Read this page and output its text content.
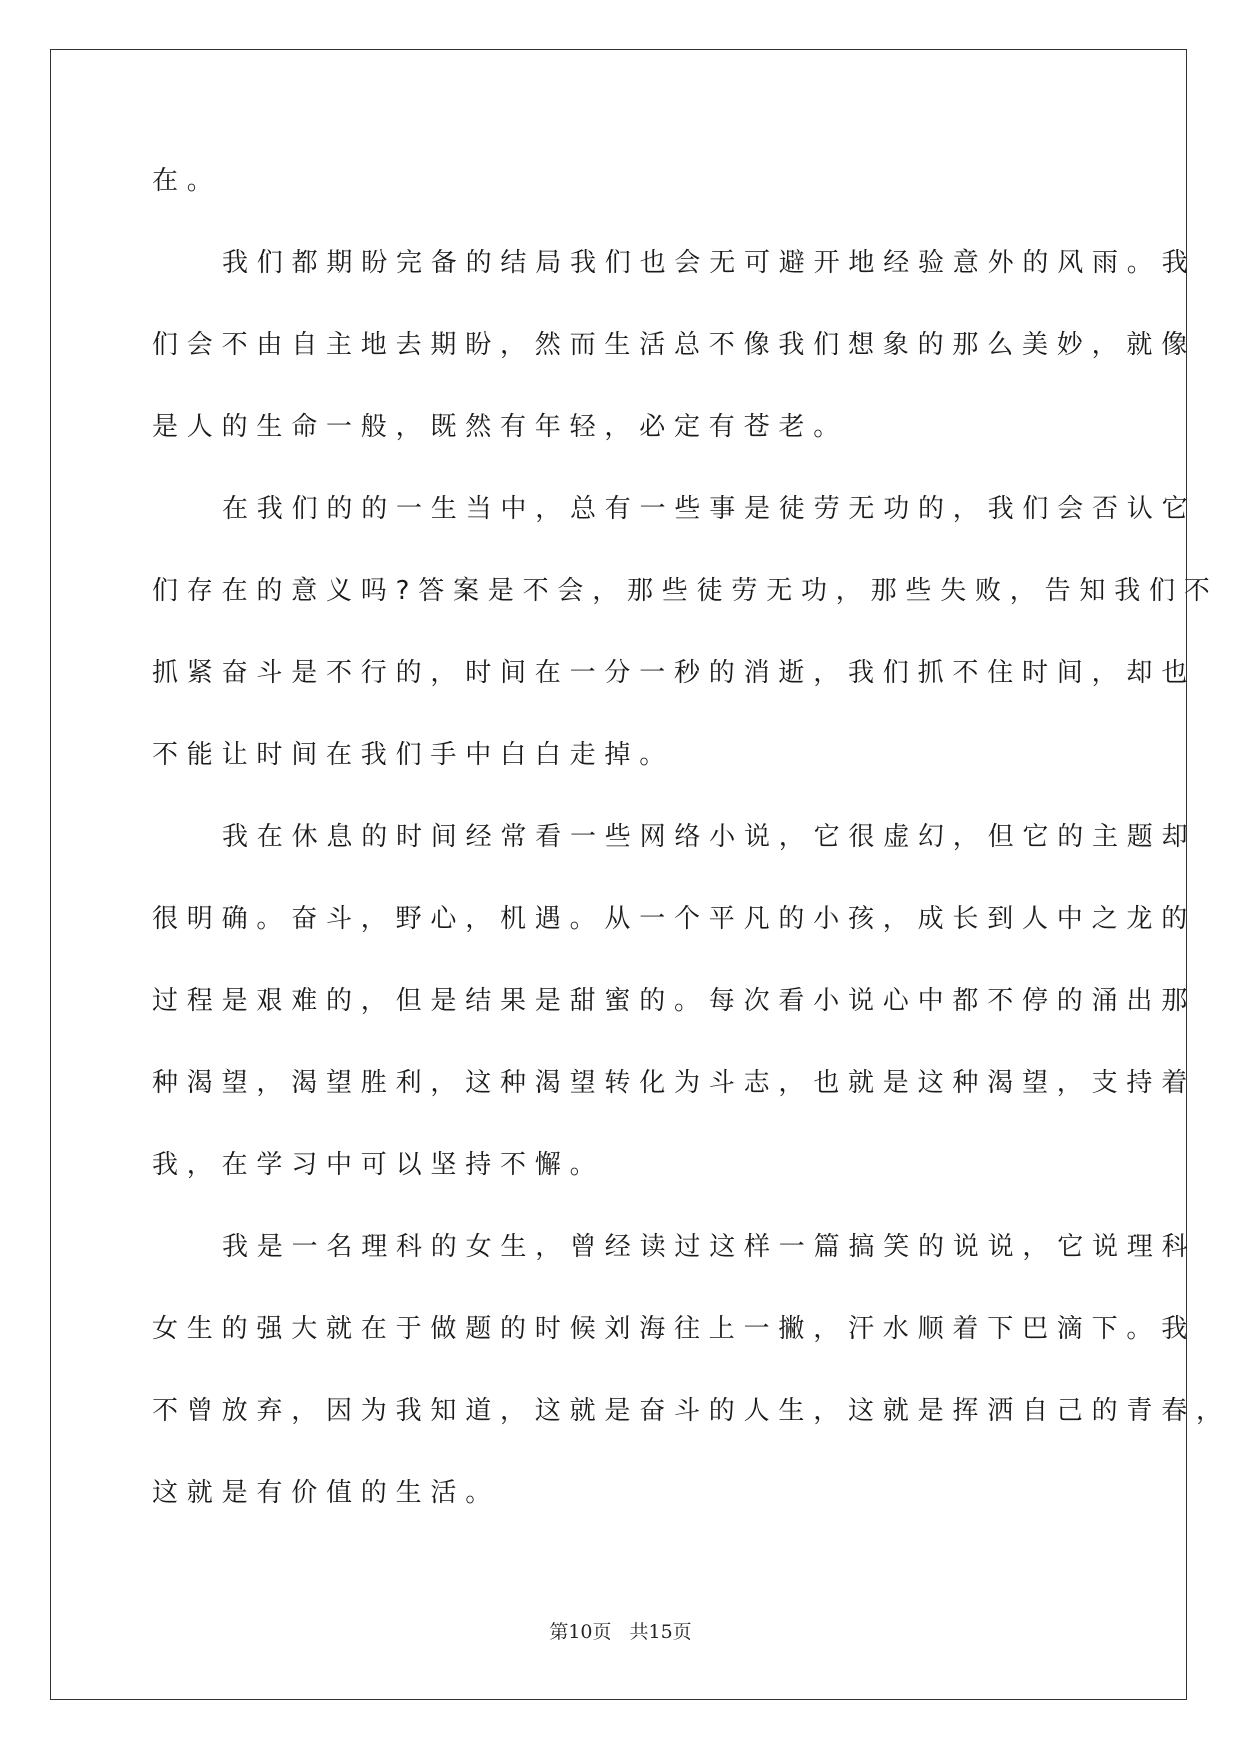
在。

我们都期盼完备的结局我们也会无可避开地经验意外的风雨。我

们会不由自主地去期盼，然而生活总不像我们想象的那么美妙，就像

是人的生命一般，既然有年轻，必定有苍老。

在我们的的一生当中，总有一些事是徒劳无功的，我们会否认它

们存在的意义吗?答案是不会，那些徒劳无功，那些失败，告知我们不

抓紧奋斗是不行的，时间在一分一秒的消逝，我们抓不住时间，却也

不能让时间在我们手中白白走掉。

我在休息的时间经常看一些网络小说，它很虚幻，但它的主题却

很明确。奋斗，野心，机遇。从一个平凡的小孩，成长到人中之龙的

过程是艰难的，但是结果是甜蜜的。每次看小说心中都不停的涌出那

种渴望，渴望胜利，这种渴望转化为斗志，也就是这种渴望，支持着

我，在学习中可以坚持不懈。

我是一名理科的女生，曾经读过这样一篇搞笑的说说，它说理科

女生的强大就在于做题的时候刘海往上一撇，汗水顺着下巴滴下。我

不曾放弃，因为我知道，这就是奋斗的人生，这就是挥洒自己的青春，

这就是有价值的生活。

第10页 共15页
